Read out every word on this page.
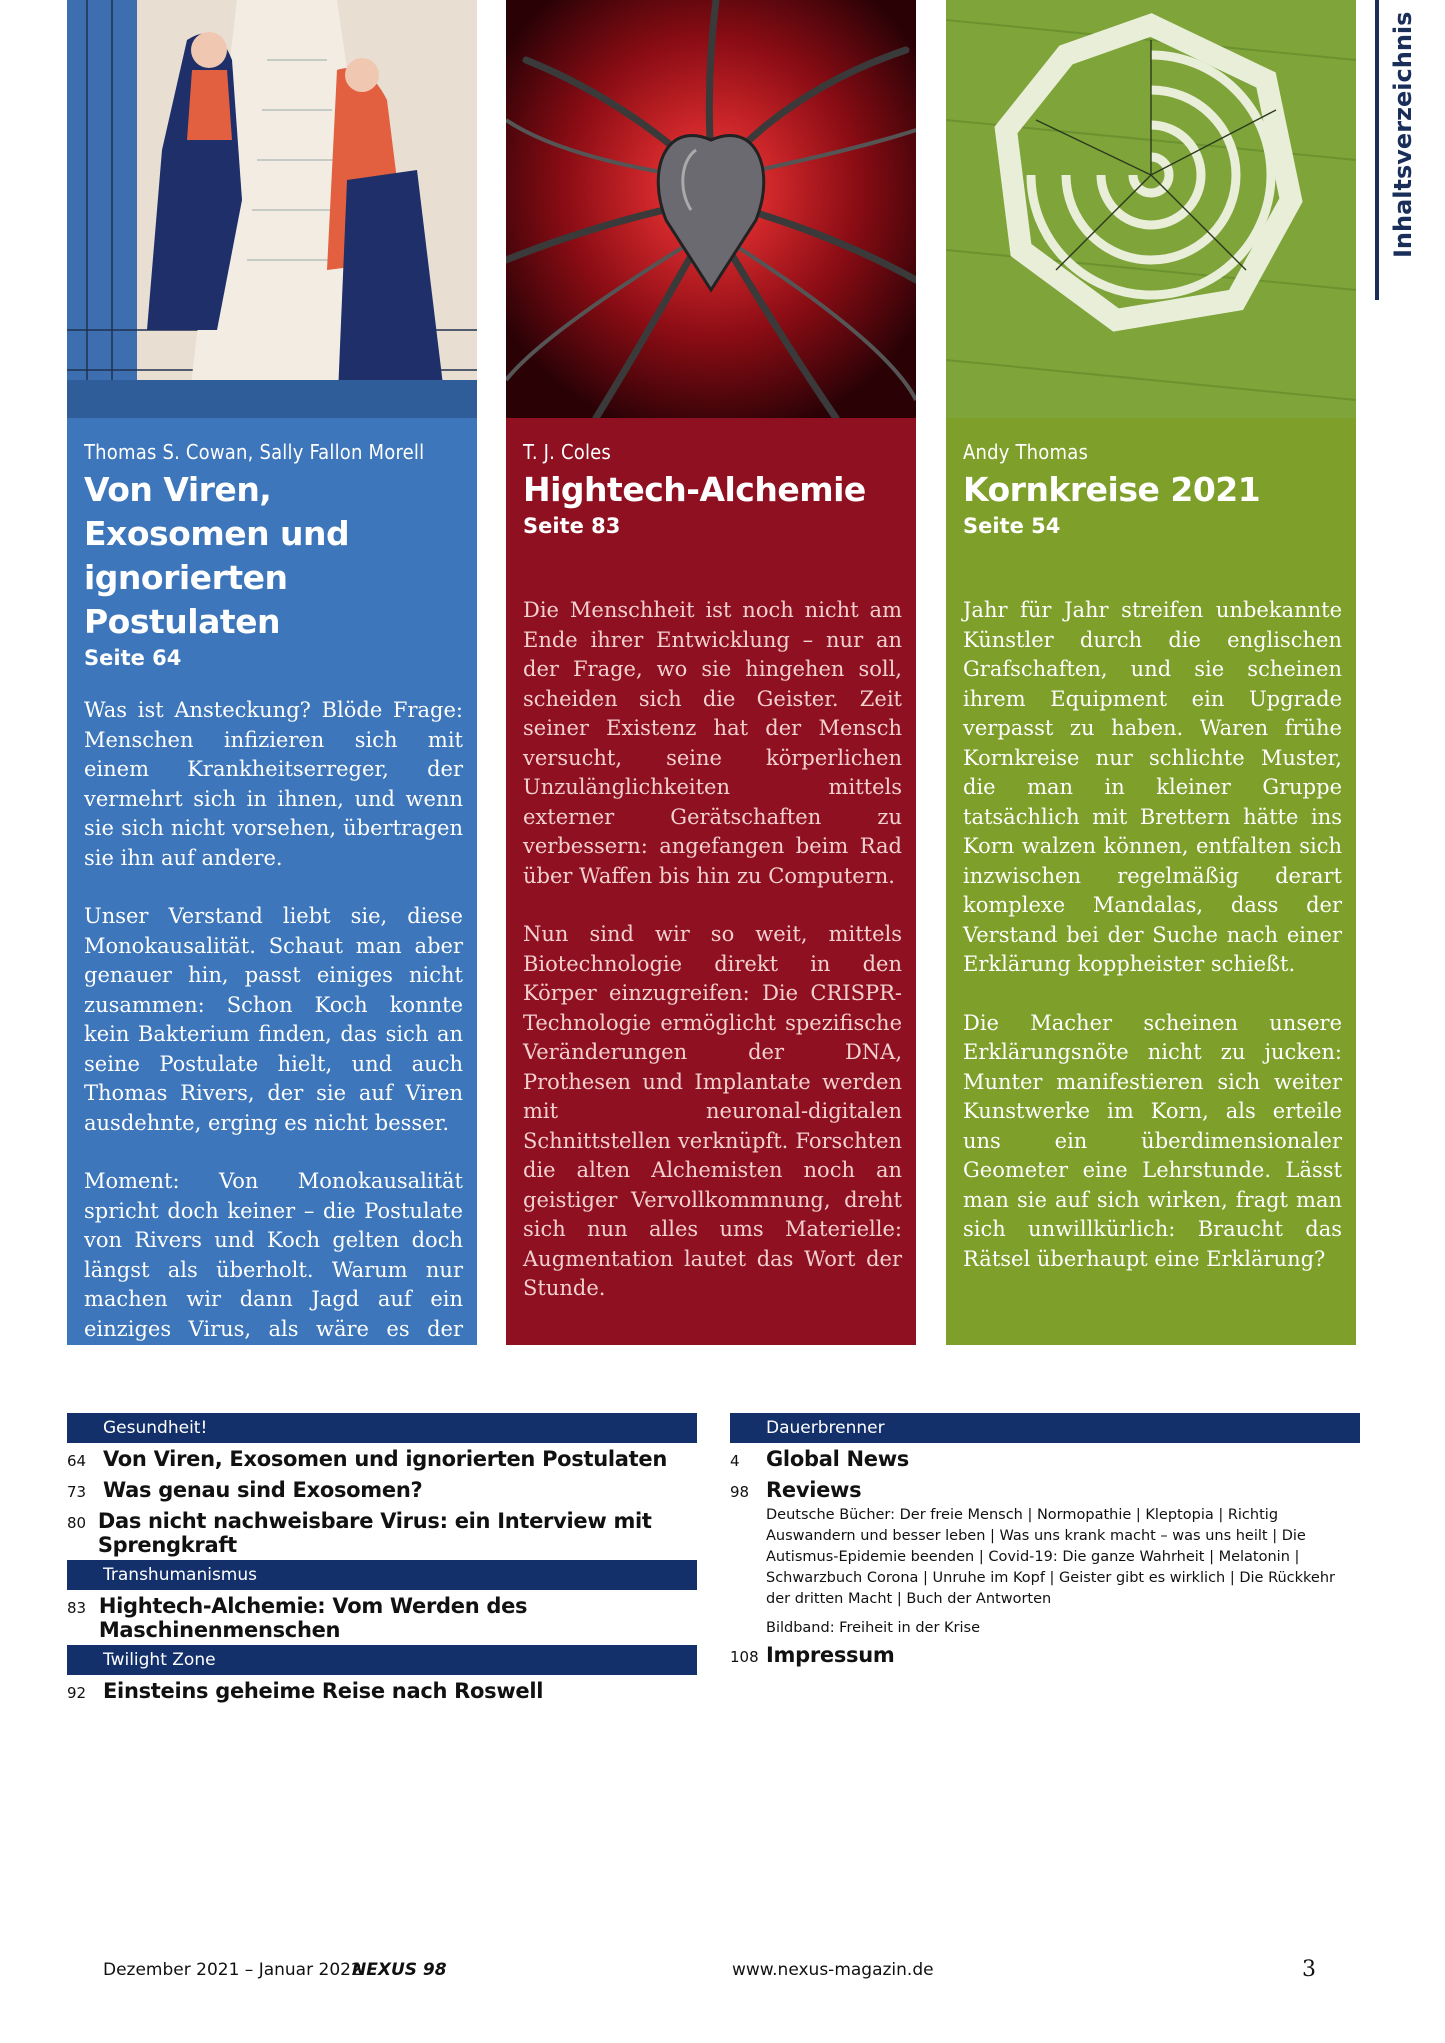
Inhaltsverzeichnis
Thomas S. Cowan, Sally Fallon Morell
Von Viren, Exosomen und ignorierten Postulaten
Seite 64

Was ist Ansteckung? Blöde Frage: Menschen infizieren sich mit einem Krankheitserreger, der vermehrt sich in ihnen, und wenn sie sich nicht vorsehen, übertragen sie ihn auf andere.

Unser Verstand liebt sie, diese Monokausalität. Schaut man aber genauer hin, passt einiges nicht zusammen: Schon Koch konnte kein Bakterium finden, das sich an seine Postulate hielt, und auch Thomas Rivers, der sie auf Viren ausdehnte, erging es nicht besser.

Moment: Von Monokausalität spricht doch keiner – die Postulate von Rivers und Koch gelten doch längst als überholt. Warum nur machen wir dann Jagd auf ein einziges Virus, als wäre es der Beelzebub persönlich?

T. J. Coles
Hightech-Alchemie
Seite 83

Die Menschheit ist noch nicht am Ende ihrer Entwicklung – nur an der Frage, wo sie hingehen soll, scheiden sich die Geister. Zeit seiner Existenz hat der Mensch versucht, seine körperlichen Unzulänglichkeiten mittels externer Gerätschaften zu verbessern: angefangen beim Rad über Waffen bis hin zu Computern.

Nun sind wir so weit, mittels Biotechnologie direkt in den Körper einzugreifen: Die CRISPR-Technologie ermöglicht spezifische Veränderungen der DNA, Prothesen und Implantate werden mit neuronal-digitalen Schnittstellen verknüpft. Forschten die alten Alchemisten noch an geistiger Vervollkommnung, dreht sich nun alles ums Materielle: Augmentation lautet das Wort der Stunde.

Andy Thomas
Kornkreise 2021
Seite 54

Jahr für Jahr streifen unbekannte Künstler durch die englischen Grafschaften, und sie scheinen ihrem Equipment ein Upgrade verpasst zu haben. Waren frühe Kornkreise nur schlichte Muster, die man in kleiner Gruppe tatsächlich mit Brettern hätte ins Korn walzen können, entfalten sich inzwischen regelmäßig derart komplexe Mandalas, dass der Verstand bei der Suche nach einer Erklärung koppheister schießt.

Die Macher scheinen unsere Erklärungsnöte nicht zu jucken: Munter manifestieren sich weiter Kunstwerke im Korn, als erteile uns ein überdimensionaler Geometer eine Lehrstunde. Lässt man sie auf sich wirken, fragt man sich unwillkürlich: Braucht das Rätsel überhaupt eine Erklärung?

Gesundheit!
64 Von Viren, Exosomen und ignorierten Postulaten
73 Was genau sind Exosomen?
80 Das nicht nachweisbare Virus: ein Interview mit Sprengkraft
Transhumanismus
83 Hightech-Alchemie: Vom Werden des Maschinenmenschen
Twilight Zone
92 Einsteins geheime Reise nach Roswell
Dauerbrenner
4	Global News
98 Reviews
Deutsche Bücher: Der freie Mensch | Normopathie | Kleptopia | Richtig Auswandern und besser leben | Was uns krank macht – was uns heilt | Die Autismus-Epidemie beenden | Covid-19: Die ganze Wahrheit | Melatonin | Schwarzbuch Corona | Unruhe im Kopf | Geister gibt es wirklich | Die Rückkehr der dritten Macht | Buch der Antworten
Bildband: Freiheit in der Krise
108 Impressum
Dezember 2021 – Januar 2022
NEXUS 98	www.nexus-magazin.de	3
